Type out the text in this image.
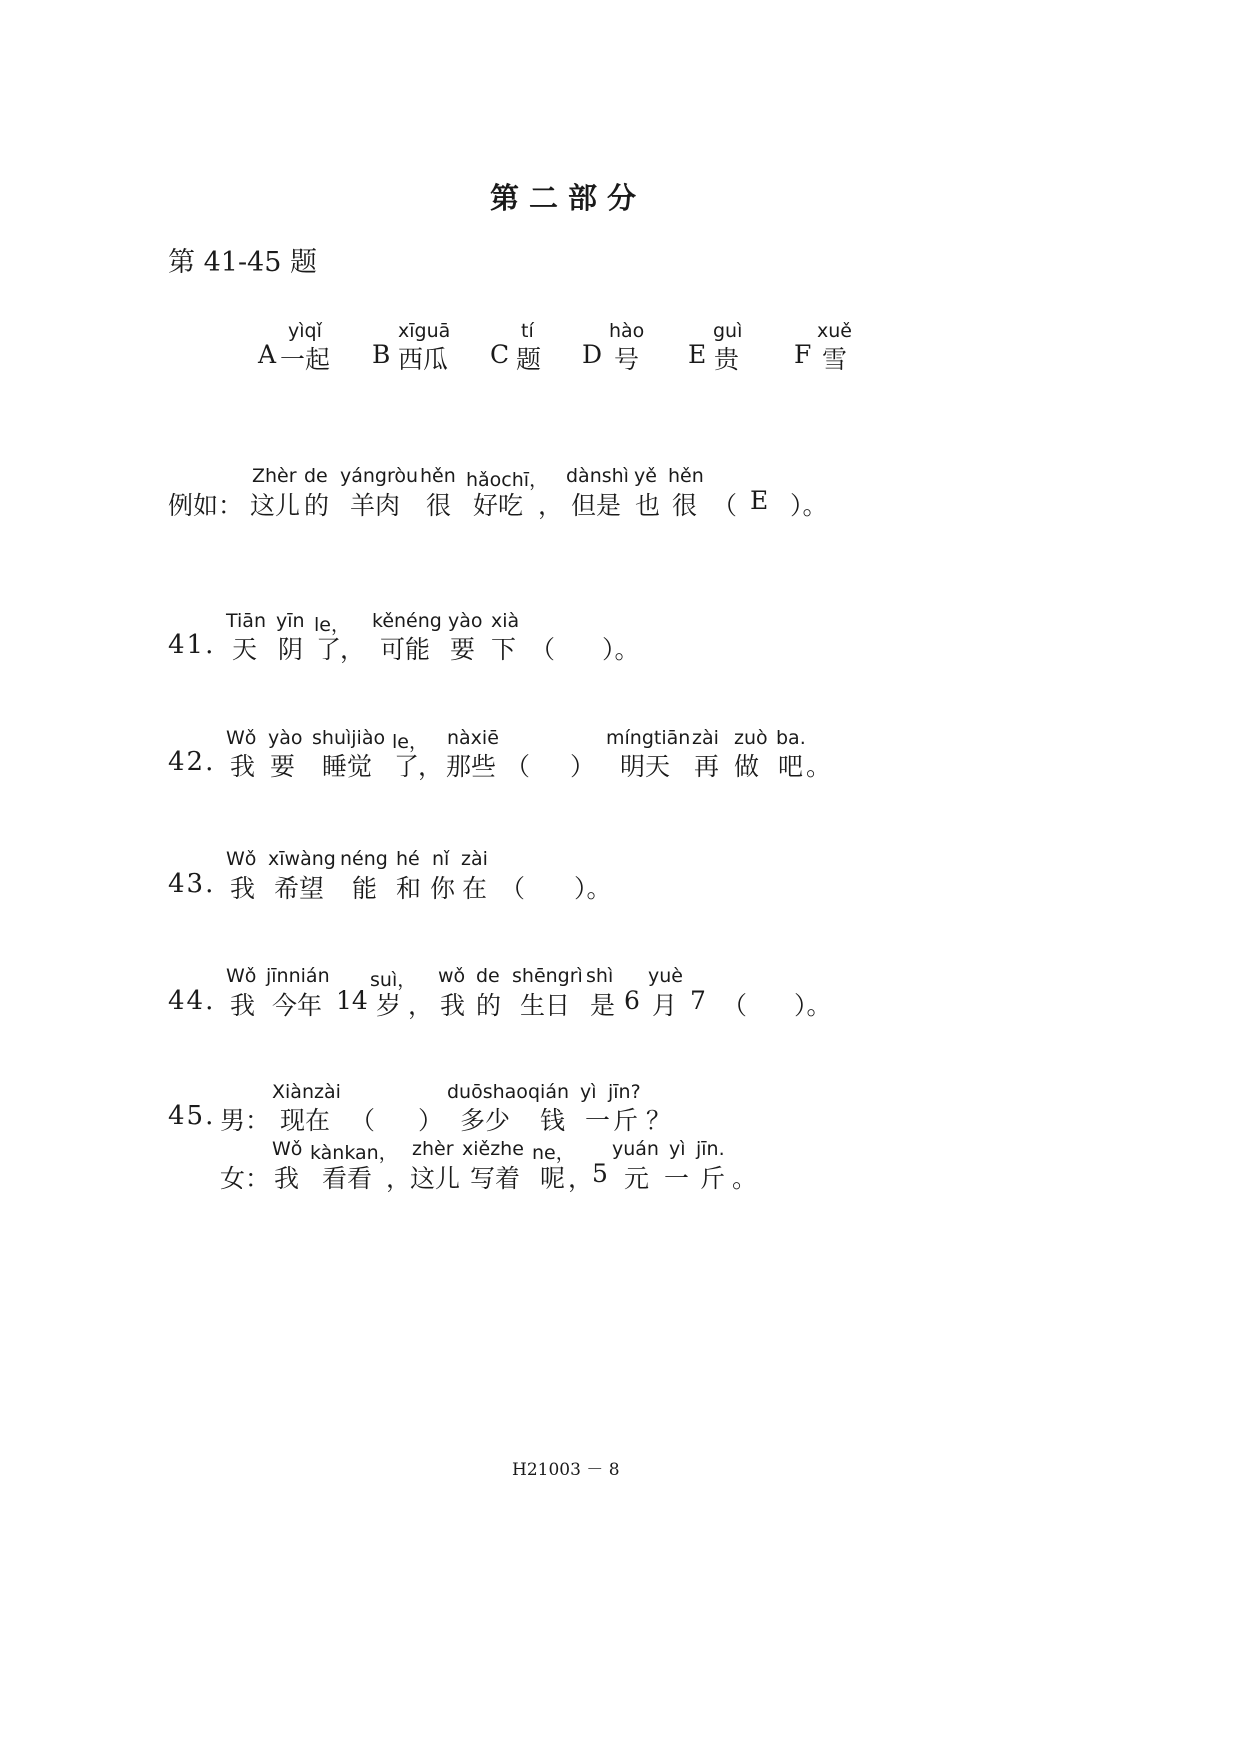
第二部分
第 41-45 题
yìqǐ
A 一起
xīguā
B 西瓜
tí
C 题
hào
D 号
guì
E 贵
xuě
F 雪
Zhèr de yángròu hěn hǎochī， dànshì yě hěn
例如： 这儿 的 羊肉 很 好吃 ， 但是 也 很 （ E ）。
Tiān yīn le， kěnéng yào xià
41. 天 阴 了
， 可能 要 下 （ ）。
Wǒ yào shuìjiào le， nàxiē	míngtiān zài zuò ba.
42. 我 要 睡觉 了
， 那些 （ ） 明天 再 做 吧 。
Wǒ xīwàng néng hé nǐ zài
43. 我 希望 能 和 你 在 （ ）。
Wǒ jīnnián suì， wǒ de shēngrì shì yuè
44. 我 今年 14 岁 ， 我 的 生日 是 6 月 7 （ ）。
Xiànzài	duōshao qián yì jīn?
45. 男： 现在 （ ） 多少 钱 一 斤 ？
Wǒ kànkan， zhèr xiězhe ne， yuán yì jīn.
女： 我 看看 ，
这儿 写着 呢 ，
5 元 一 斤 。
H21003 － 8
